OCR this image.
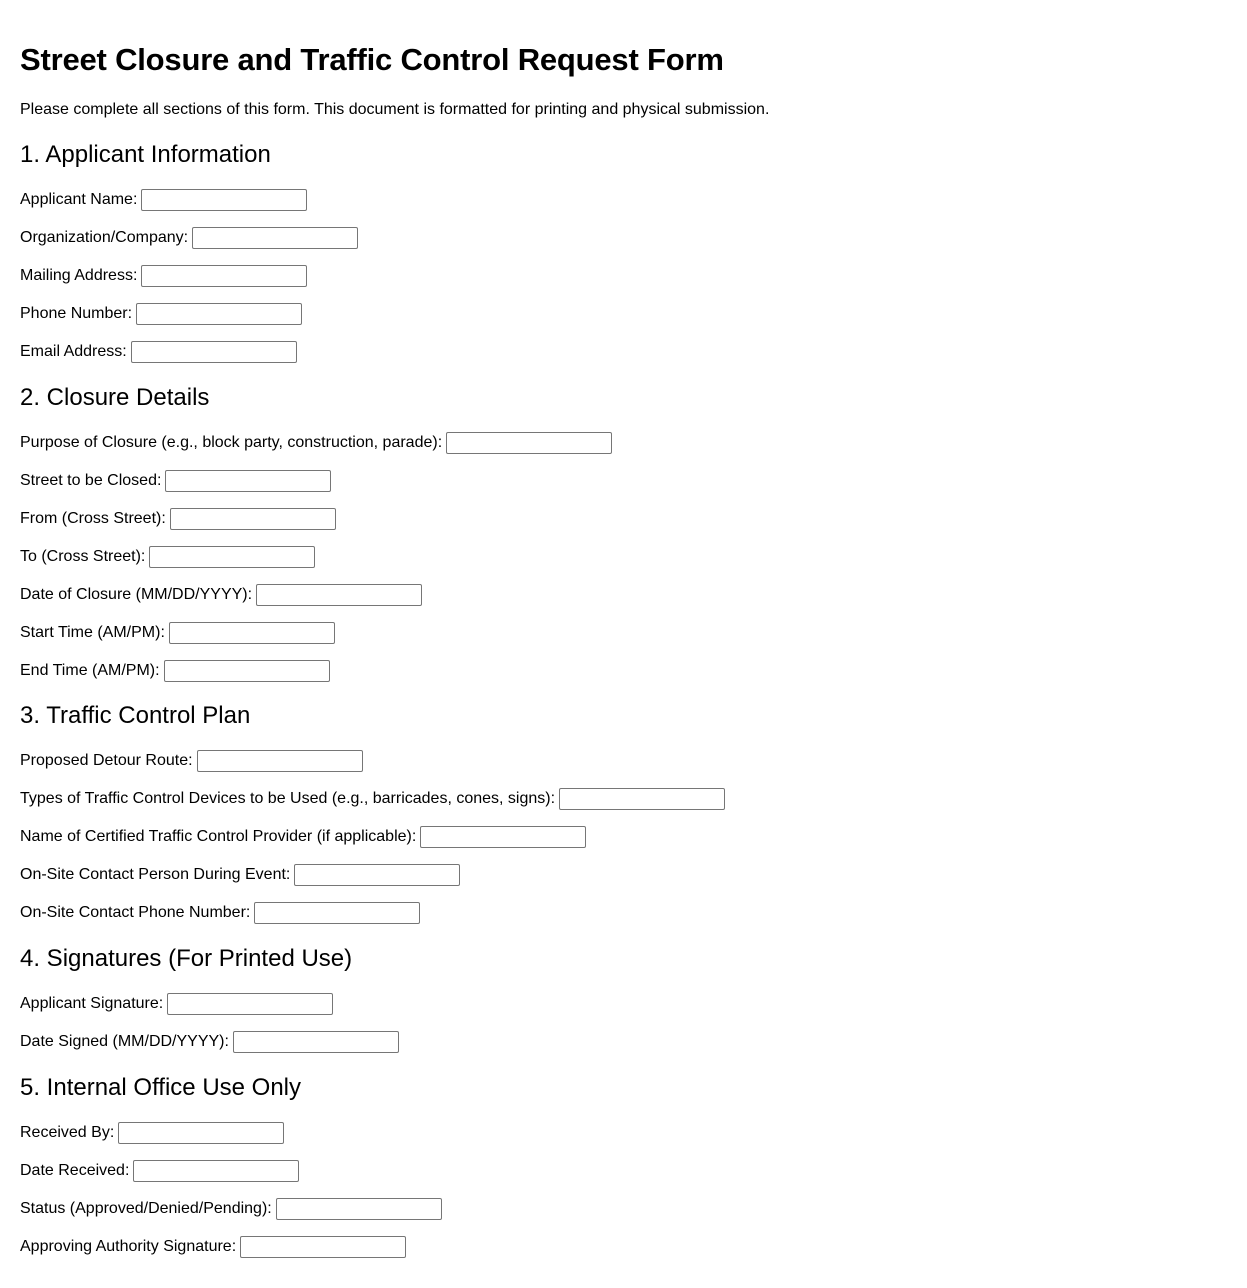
Street Closure and Traffic Control Request Form

Please complete all sections of this form. This document is formatted for printing and physical submission.

1. Applicant Information
Applicant Name:
Organization/Company:
Mailing Address:
Phone Number:
Email Address:
2. Closure Details
Purpose of Closure (e.g., block party, construction, parade):
Street to be Closed:
From (Cross Street):
To (Cross Street):
Date of Closure (MM/DD/YYYY):
Start Time (AM/PM):
End Time (AM/PM):
3. Traffic Control Plan
Proposed Detour Route:
Types of Traffic Control Devices to be Used (e.g., barricades, cones, signs):
Name of Certified Traffic Control Provider (if applicable):
On-Site Contact Person During Event:
On-Site Contact Phone Number:
4. Signatures (For Printed Use)
Applicant Signature:
Date Signed (MM/DD/YYYY):
5. Internal Office Use Only
Received By:
Date Received:
Status (Approved/Denied/Pending):
Approving Authority Signature:
